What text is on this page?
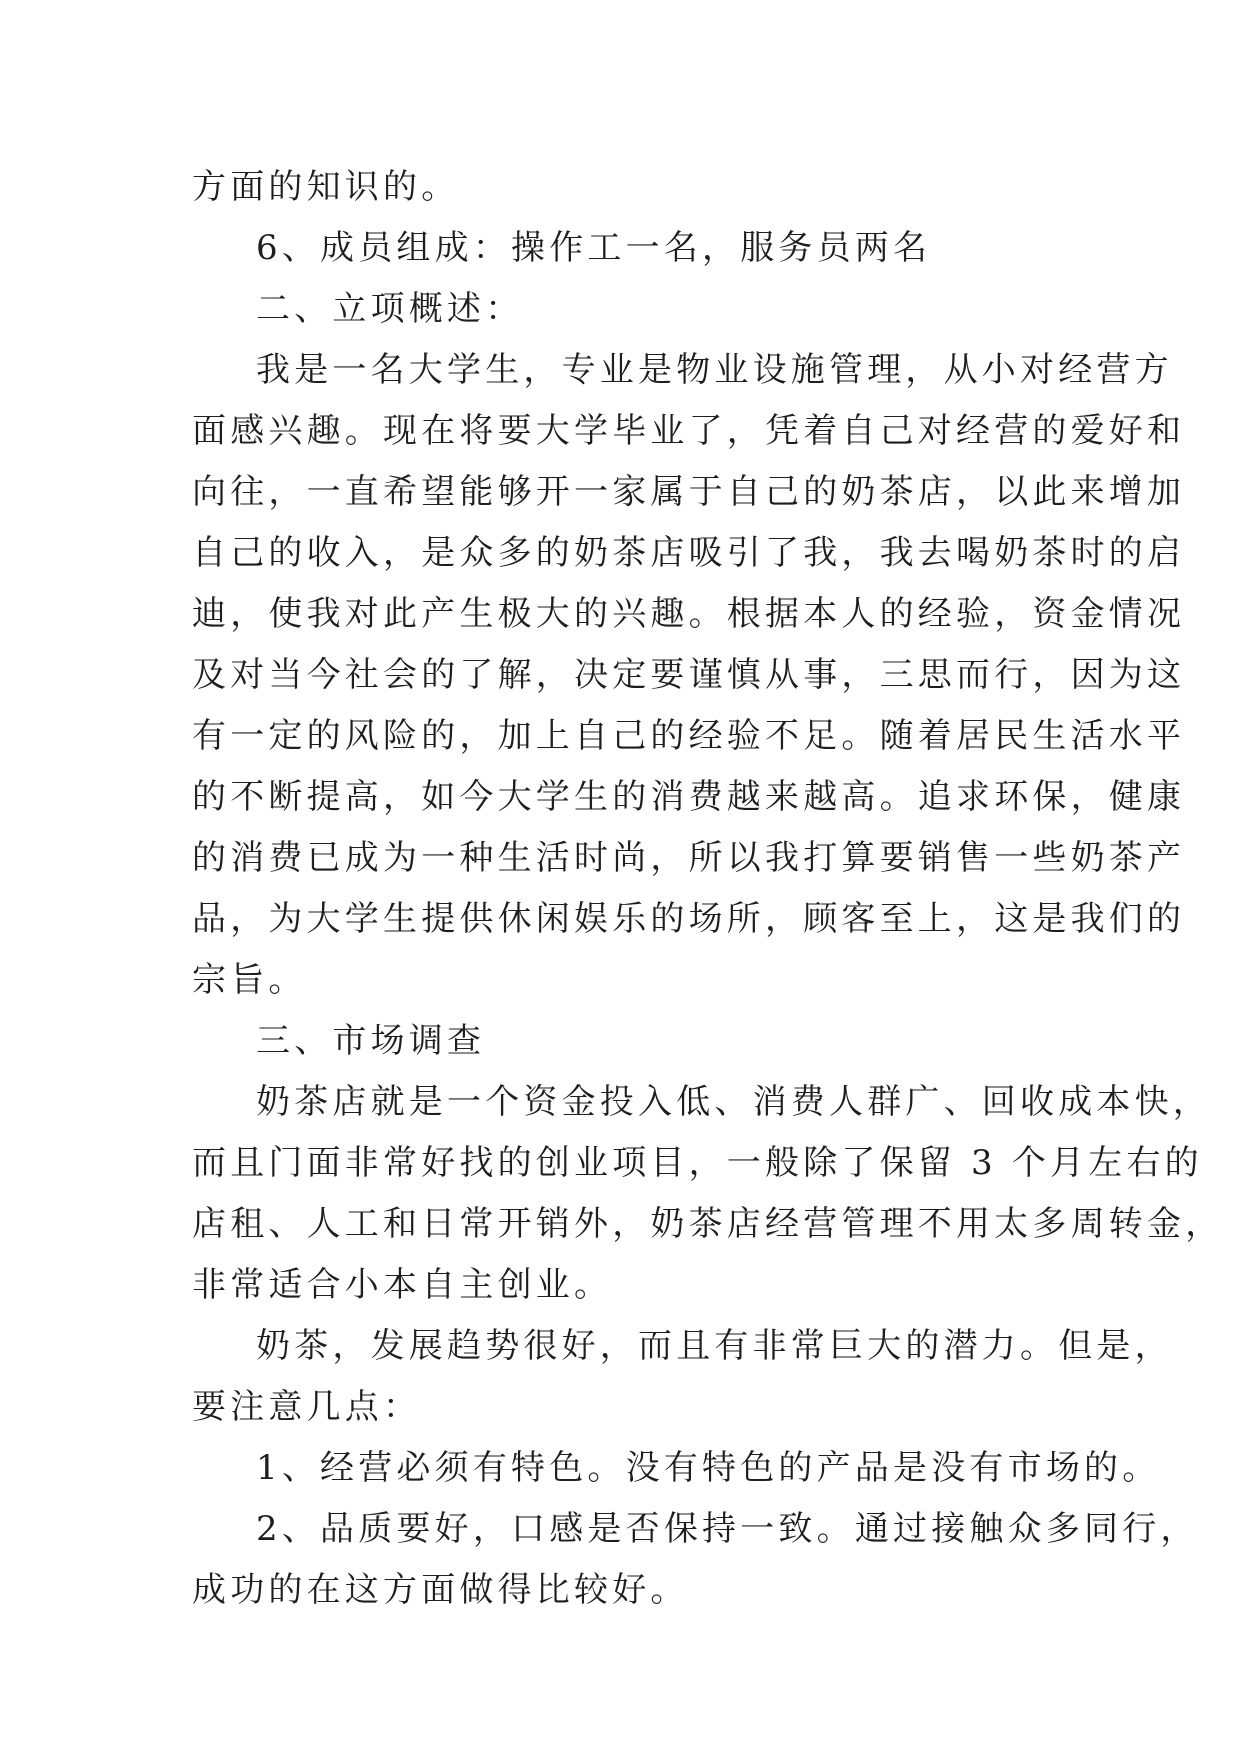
方面的知识的。
6、成员组成：操作工一名，服务员两名
二、立项概述：
我是一名大学生，专业是物业设施管理，从小对经营方
面感兴趣。现在将要大学毕业了，凭着自己对经营的爱好和
向往，一直希望能够开一家属于自己的奶茶店，以此来增加
自己的收入，是众多的奶茶店吸引了我，我去喝奶茶时的启
迪，使我对此产生极大的兴趣。根据本人的经验，资金情况
及对当今社会的了解，决定要谨慎从事，三思而行，因为这
有一定的风险的，加上自己的经验不足。随着居民生活水平
的不断提高，如今大学生的消费越来越高。追求环保，健康
的消费已成为一种生活时尚，所以我打算要销售一些奶茶产
品，为大学生提供休闲娱乐的场所，顾客至上，这是我们的
宗旨。
三、市场调查
奶茶店就是一个资金投入低、消费人群广、回收成本快，
而且门面非常好找的创业项目，一般除了保留 3 个月左右的
店租、人工和日常开销外，奶茶店经营管理不用太多周转金，
非常适合小本自主创业。
奶茶，发展趋势很好，而且有非常巨大的潜力。但是，
要注意几点：
1、经营必须有特色。没有特色的产品是没有市场的。
2、品质要好，口感是否保持一致。通过接触众多同行，
成功的在这方面做得比较好。
